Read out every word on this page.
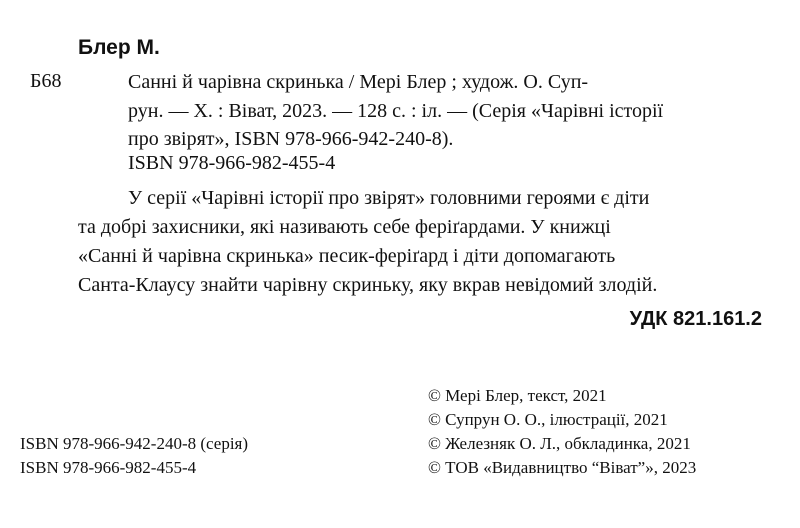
Блер М.
Б68	Санні й чарівна скринька / Мері Блер ; худож. О. Суп-
рун. — Х. : Віват, 2023. — 128 с. : іл. — (Серія «Чарівні історії
про звірят», ISBN 978-966-942-240-8).
ISBN 978-966-982-455-4
У серії «Чарівні історії про звірят» головними героями є діти
та добрі захисники, які називають себе феріґардами. У книжці
«Санні й чарівна скринька» песик-феріґард і діти допомагають
Санта-Клаусу знайти чарівну скриньку, яку вкрав невідомий злодій.
УДК 821.161.2
© Мері Блер, текст, 2021
© Супрун О. О., ілюстрації, 2021
© Железняк О. Л., обкладинка, 2021
© ТОВ «Видавництво “Віват”», 2023
ISBN 978-966-942-240-8 (серія)
ISBN 978-966-982-455-4
